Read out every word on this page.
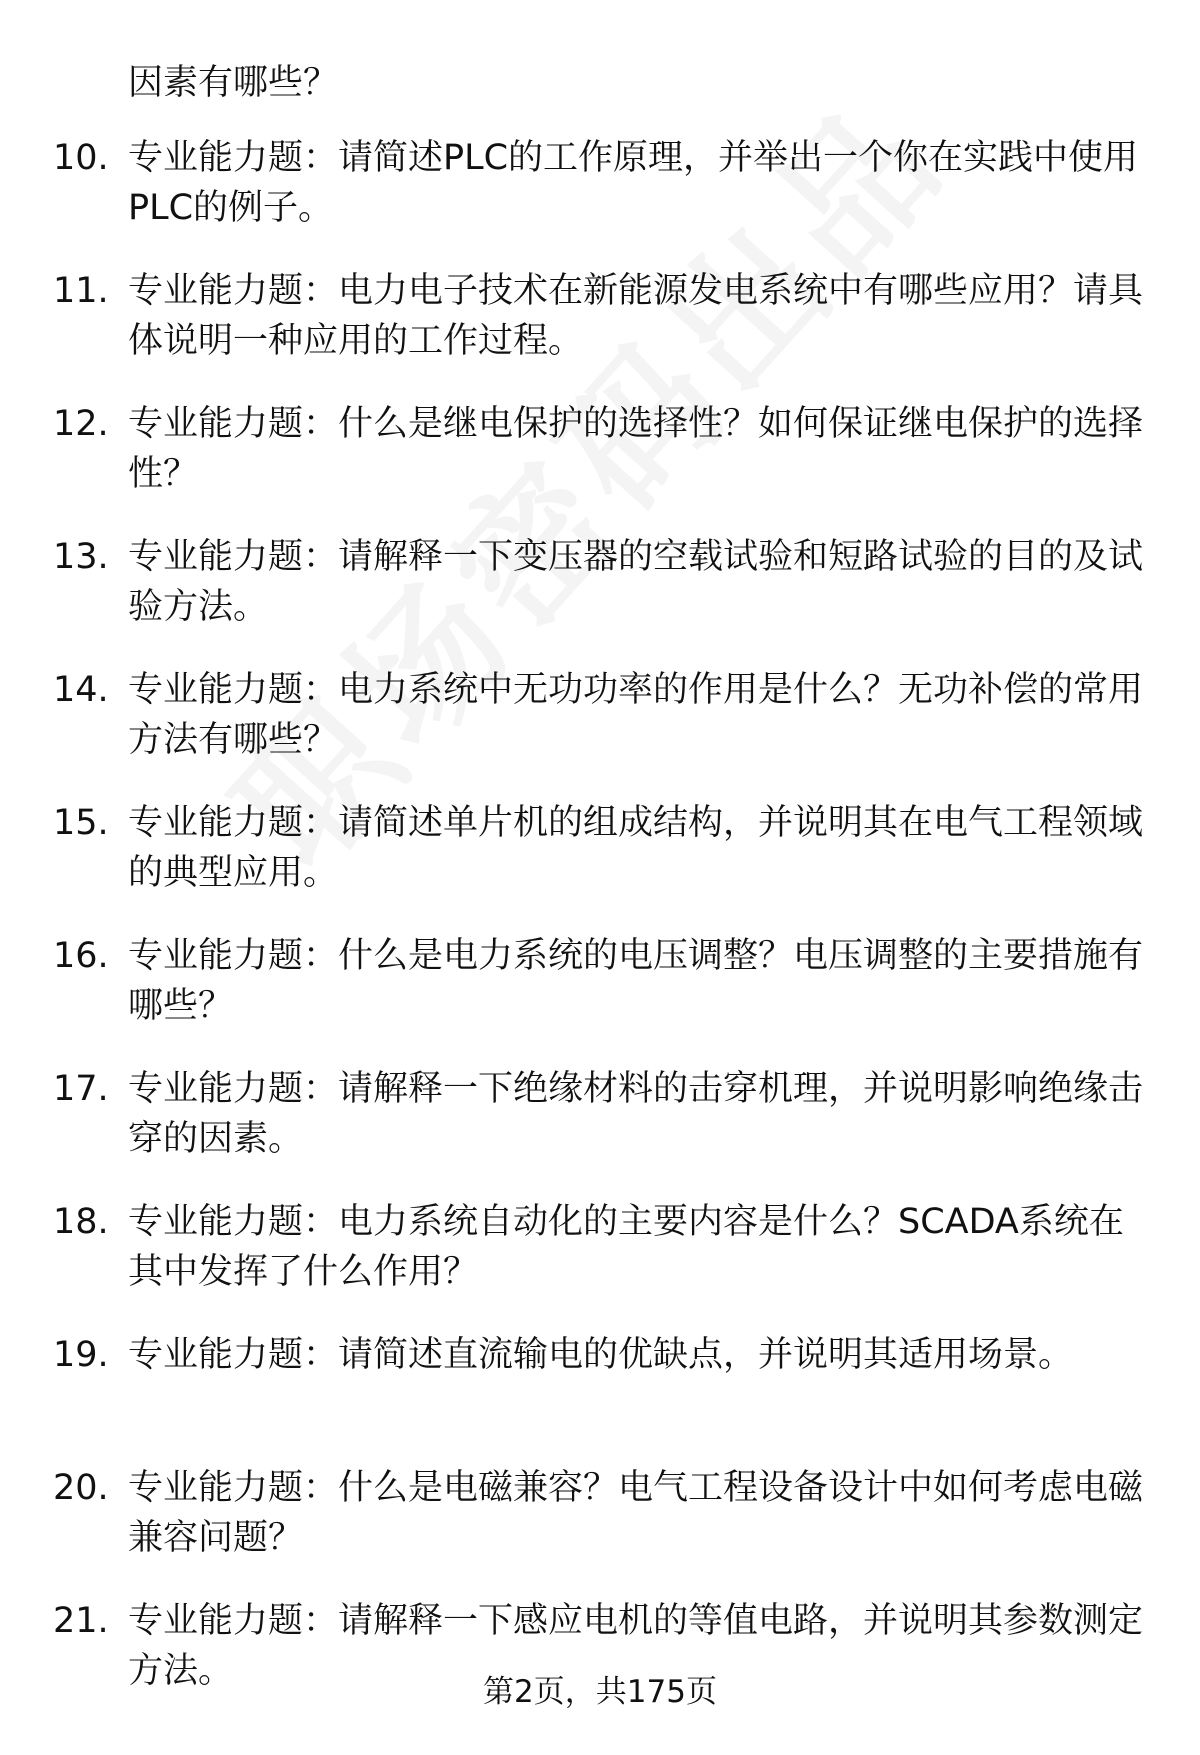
因素有哪些？
10. 专业能力题：请简述PLC的工作原理，并举出一个你在实践中使用PLC的例子。
11. 专业能力题：电力电子技术在新能源发电系统中有哪些应用？请具体说明一种应用的工作过程。
12. 专业能力题：什么是继电保护的选择性？如何保证继电保护的选择性？
13. 专业能力题：请解释一下变压器的空载试验和短路试验的目的及试验方法。
14. 专业能力题：电力系统中无功功率的作用是什么？无功补偿的常用方法有哪些？
15. 专业能力题：请简述单片机的组成结构，并说明其在电气工程领域的典型应用。
16. 专业能力题：什么是电力系统的电压调整？电压调整的主要措施有哪些？
17. 专业能力题：请解释一下绝缘材料的击穿机理，并说明影响绝缘击穿的因素。
18. 专业能力题：电力系统自动化的主要内容是什么？SCADA系统在其中发挥了什么作用？
19. 专业能力题：请简述直流输电的优缺点，并说明其适用场景。
20. 专业能力题：什么是电磁兼容？电气工程设备设计中如何考虑电磁兼容问题？
21. 专业能力题：请解释一下感应电机的等值电路，并说明其参数测定方法。
第2页，共175页
